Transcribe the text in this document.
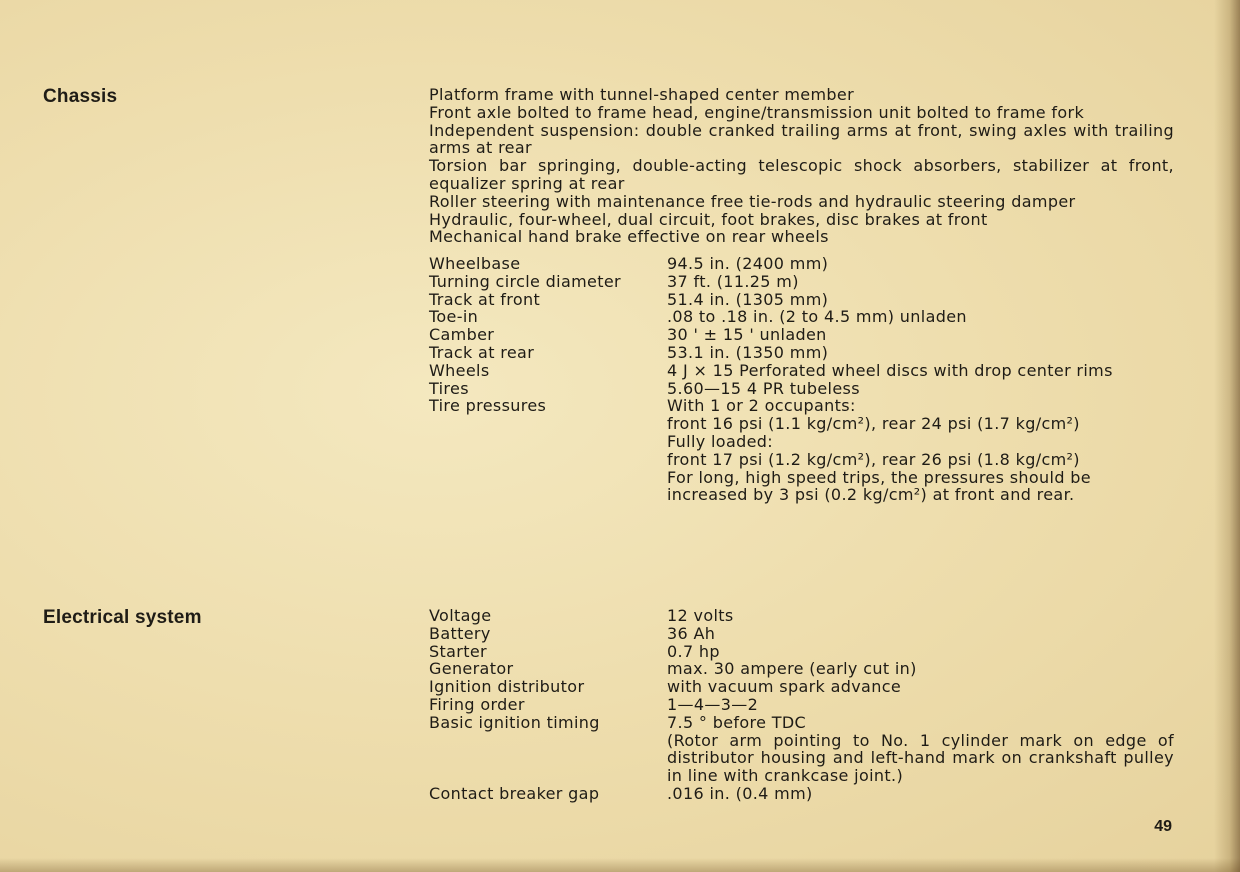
Chassis	Platform frame with tunnel-shaped center member
Front axle bolted to frame head, engine/transmission unit bolted to frame fork
Independent suspension: double cranked trailing arms at front, swing axles with trailing
arms at rear
Torsion bar springing, double-acting telescopic shock absorbers, stabilizer at front,
equalizer spring at rear
Roller steering with maintenance free tie-rods and hydraulic steering damper
Hydraulic, four-wheel, dual circuit, foot brakes, disc brakes at front
Mechanical hand brake effective on rear wheels
Wheelbase	94.5 in. (2400 mm)
Turning circle diameter	37 ft. (11.25 m)
Track at front	51.4 in. (1305 mm)
Toe-in	.08 to .18 in. (2 to 4.5 mm) unladen
Camber	30 ' ± 15 ' unladen
Track at rear	53.1 in. (1350 mm)
Wheels	4 J × 15 Perforated wheel discs with drop center rims
Tires	5.60—15 4 PR tubeless
Tire pressures	With 1 or 2 occupants:
front 16 psi (1.1 kg/cm²), rear 24 psi (1.7 kg/cm²)
Fully loaded:
front 17 psi (1.2 kg/cm²), rear 26 psi (1.8 kg/cm²)
For long, high speed trips, the pressures should be
increased by 3 psi (0.2 kg/cm²) at front and rear.
Electrical system	Voltage	12 volts
Battery	36 Ah
Starter	0.7 hp
Generator	max. 30 ampere (early cut in)
Ignition distributor	with vacuum spark advance
Firing order	1—4—3—2
Basic ignition timing	7.5 ° before TDC
(Rotor arm pointing to No. 1 cylinder mark on edge of
distributor housing and left-hand mark on crankshaft pulley
in line with crankcase joint.)
Contact breaker gap	.016 in. (0.4 mm)
49
